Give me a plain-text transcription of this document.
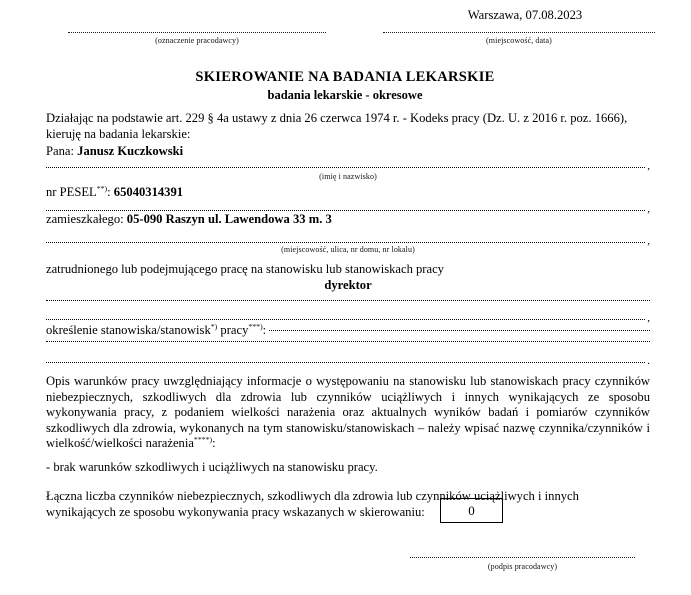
Warszawa, 07.08.2023
(oznaczenie pracodawcy)	(miejscowość, data)
SKIEROWANIE NA BADANIA LEKARSKIE
badania lekarskie - okresowe
Działając na podstawie art. 229 § 4a ustawy z dnia 26 czerwca 1974 r. - Kodeks pracy (Dz. U. z 2016 r. poz. 1666),
kieruję na badania lekarskie:
Pana: Janusz Kuczkowski
,
(imię i nazwisko)
nr PESEL**): 65040314391
,
zamieszkałego: 05-090 Raszyn ul. Lawendowa 33 m. 3
,
(miejscowość, ulica, nr domu, nr lokalu)
zatrudnionego lub podejmującego pracę na stanowisku lub stanowiskach pracy
dyrektor
,
określenie stanowiska/stanowisk*) pracy***):
.
Opis warunków pracy uwzględniający informacje o występowaniu na stanowisku lub stanowiskach pracy czynników niebezpiecznych, szkodliwych dla zdrowia lub czynników uciążliwych i innych wynikających ze sposobu wykonywania pracy, z podaniem wielkości narażenia oraz aktualnych wyników badań i pomiarów czynników szkodliwych dla zdrowia, wykonanych na tym stanowisku/stanowiskach – należy wpisać nazwę czynnika/czynników i wielkość/wielkości narażenia****):
- brak warunków szkodliwych i uciążliwych na stanowisku pracy.
Łączna liczba czynników niebezpiecznych, szkodliwych dla zdrowia lub czynników uciążliwych i innych
wynikających ze sposobu wykonywania pracy wskazanych w skierowaniu:	0
(podpis pracodawcy)
